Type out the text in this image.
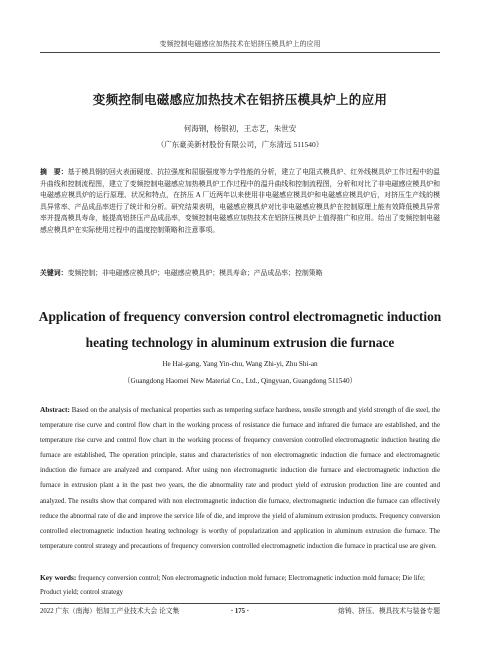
变频控制电磁感应加热技术在铝挤压模具炉上的应用
变频控制电磁感应加热技术在铝挤压模具炉上的应用
何海钢，杨银初，王志艺，朱世安
（广东豪美新材股份有限公司，广东清远 511540）
摘　要：基于模具钢的回火表面硬度、抗拉强度和屈服强度等力学性能的分析，建立了电阻式模具炉、红外线模具炉工作过程中的温升曲线和控制流程图，建立了变频控制电磁感应加热模具炉工作过程中的温升曲线和控制流程图，分析和对比了非电磁感应模具炉和电磁感应模具炉的运行原理、状况和特点，在挤压 A 厂近两年以来使用非电磁感应模具炉和电磁感应模具炉后，对挤压生产线的模具异常率、产品成品率进行了统计和分析。研究结果表明，电磁感应模具炉对比非电磁感应模具炉在控制原理上能有效降低模具异常率并提高模具寿命，能提高铝挤压产品成品率，变频控制电磁感应加热技术在铝挤压模具炉上值得推广和应用。给出了变频控制电磁感应模具炉在实际使用过程中的温度控制策略和注意事项。
关键词：变频控制；非电磁感应模具炉；电磁感应模具炉；模具寿命；产品成品率；控制策略
Application of frequency conversion control electromagnetic induction
heating technology in aluminum extrusion die furnace
He Hai-gang, Yang Yin-chu, Wang Zhi-yi, Zhu Shi-an
（Guangdong Haomei New Material Co., Ltd., Qingyuan, Guangdong 511540）
Abstract: Based on the analysis of mechanical properties such as tempering surface hardness, tensile strength and yield strength of die steel, the temperature rise curve and control flow chart in the working process of resistance die furnace and infrared die furnace are established, and the temperature rise curve and control flow chart in the working process of frequency conversion controlled electromagnetic induction heating die furnace are established, The operation principle, status and characteristics of non electromagnetic induction die furnace and electromagnetic induction die furnace are analyzed and compared. After using non electromagnetic induction die furnace and electromagnetic induction die furnace in extrusion plant a in the past two years, the die abnormality rate and product yield of extrusion production line are counted and analyzed. The results show that compared with non electromagnetic induction die furnace, electromagnetic induction die furnace can effectively reduce the abnormal rate of die and improve the service life of die, and improve the yield of aluminum extrusion products. Frequency conversion controlled electromagnetic induction heating technology is worthy of popularization and application in aluminum extrusion die furnace. The temperature control strategy and precautions of frequency conversion controlled electromagnetic induction die furnace in practical use are given.
Key words: frequency conversion control; Non electromagnetic induction mold furnace; Electromagnetic induction mold furnace; Die life; Product yield; control strategy
2022 广东（南海）铝加工产业技术大会 论文集	· 175 ·	熔铸、挤压、模具技术与装备专题
